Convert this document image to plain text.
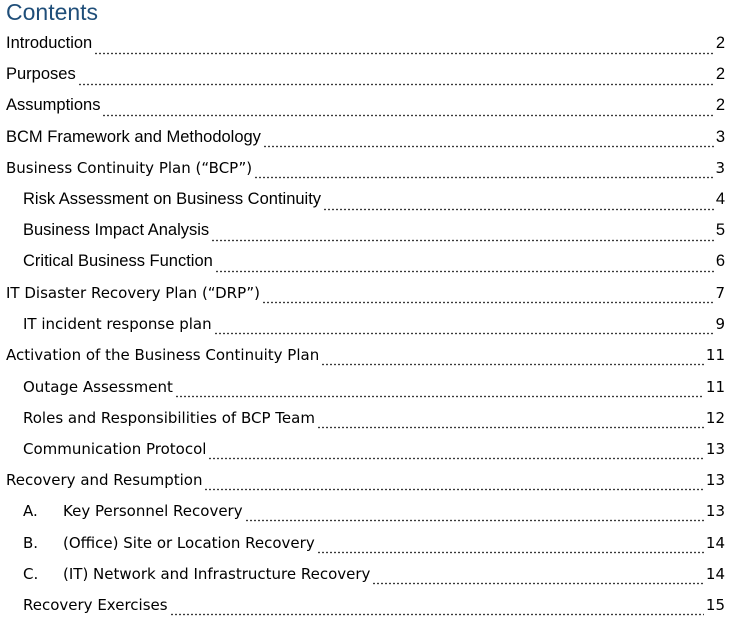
Contents
Introduction	2
Purposes	2
Assumptions	2
BCM Framework and Methodology	3
Business Continuity Plan (“BCP”)	3
Risk Assessment on Business Continuity	4
Business Impact Analysis	5
Critical Business Function	6
IT Disaster Recovery Plan (“DRP”)	7
IT incident response plan	9
Activation of the Business Continuity Plan	11
Outage Assessment	11
Roles and Responsibilities of BCP Team	12
Communication Protocol	13
Recovery and Resumption	13
A.	Key Personnel Recovery	13
B.	(Office) Site or Location Recovery	14
C.	(IT) Network and Infrastructure Recovery	14
Recovery Exercises	15
